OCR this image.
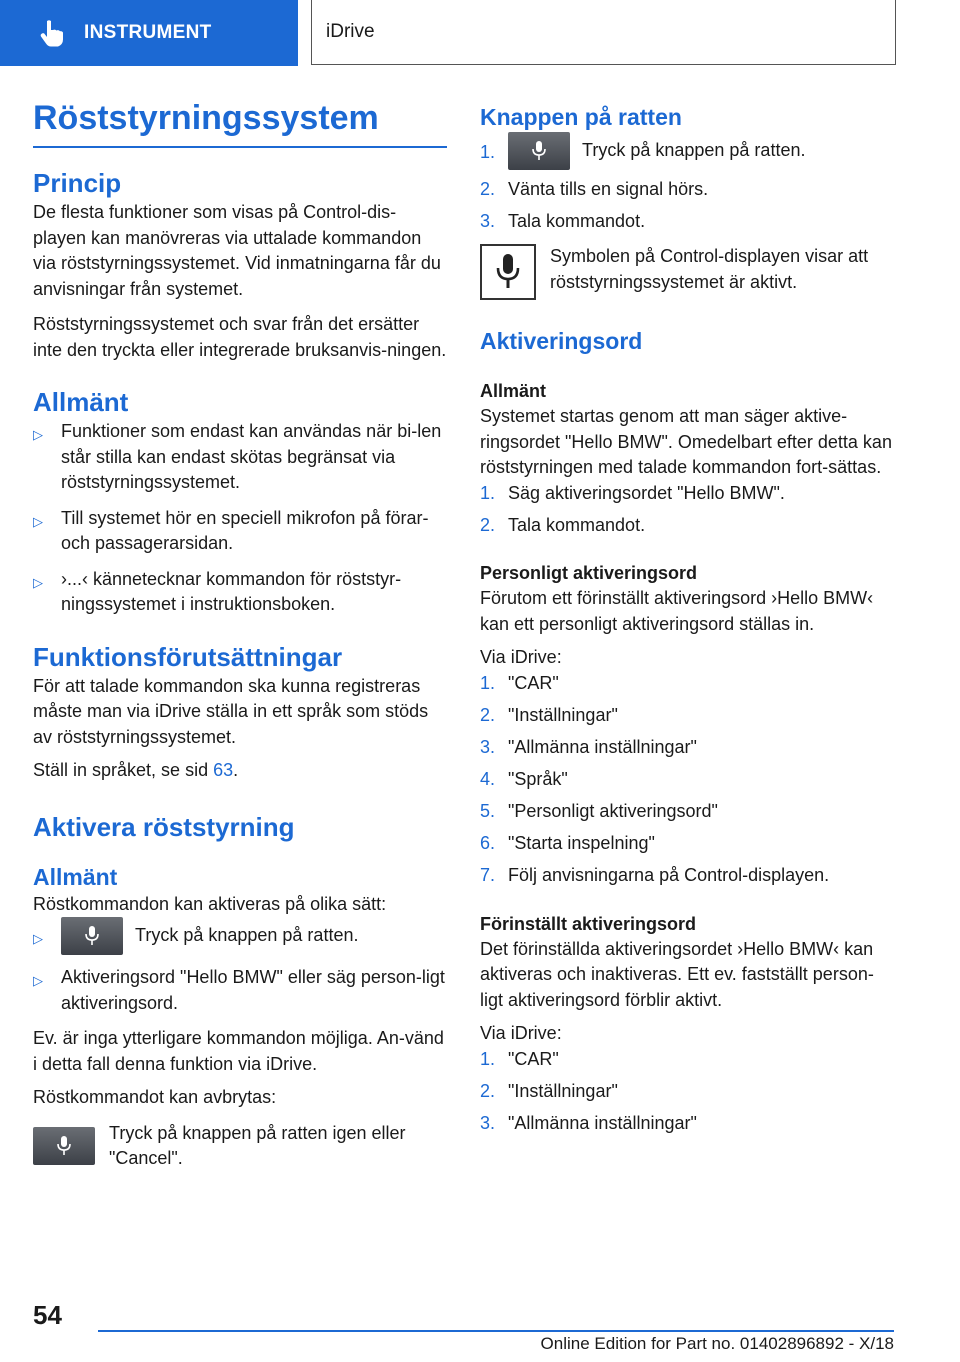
INSTRUMENT	iDrive
Röststyrningssystem
Princip

De flesta funktioner som visas på Control-dis-playen kan manövreras via uttalade kommandon via röststyrningssystemet. Vid inmatningarna får du anvisningar från systemet.

Röststyrningssystemet och svar från det ersätter inte den tryckta eller integrerade bruksanvis-ningen.

Allmänt
▷ Funktioner som endast kan användas när bi-len står stilla kan endast skötas begränsat via röststyrningssystemet.
▷ Till systemet hör en speciell mikrofon på förar- och passagerarsidan.
▷ ›...‹ kännetecknar kommandon för röststyr-ningssystemet i instruktionsboken.
Funktionsförutsättningar

För att talade kommandon ska kunna registreras måste man via iDrive ställa in ett språk som stöds av röststyrningssystemet.

Ställ in språket, se sid 63.

Aktivera röststyrning
Allmänt

Röstkommandon kan aktiveras på olika sätt:

▷	Tryck på knappen på ratten.
▷ Aktiveringsord "Hello BMW" eller säg person-ligt aktiveringsord.

Ev. är inga ytterligare kommandon möjliga. An-vänd i detta fall denna funktion via iDrive.

Röstkommandot kan avbrytas:

Tryck på knappen på ratten igen eller "Cancel".

Knappen på ratten
1.	Tryck på knappen på ratten.
2. Vänta tills en signal hörs.
3. Tala kommandot.

Symbolen på Control-displayen visar att röststyrningssystemet är aktivt.

Aktiveringsord
Allmänt

Systemet startas genom att man säger aktive-ringsordet "Hello BMW". Omedelbart efter detta kan röststyrningen med talade kommandon fort-sättas.

1. Säg aktiveringsordet "Hello BMW".
2. Tala kommandot.
Personligt aktiveringsord

Förutom ett förinställt aktiveringsord ›Hello BMW‹ kan ett personligt aktiveringsord ställas in.

Via iDrive:

1. "CAR"
2. "Inställningar"
3. "Allmänna inställningar"
4. "Språk"
5. "Personligt aktiveringsord"
6. "Starta inspelning"
7. Följ anvisningarna på Control-displayen.
Förinställt aktiveringsord

Det förinställda aktiveringsordet ›Hello BMW‹ kan aktiveras och inaktiveras. Ett ev. fastställt person-ligt aktiveringsord förblir aktivt.

Via iDrive:

1. "CAR"
2. "Inställningar"
3. "Allmänna inställningar"
54
Online Edition for Part no. 01402896892 - X/18
